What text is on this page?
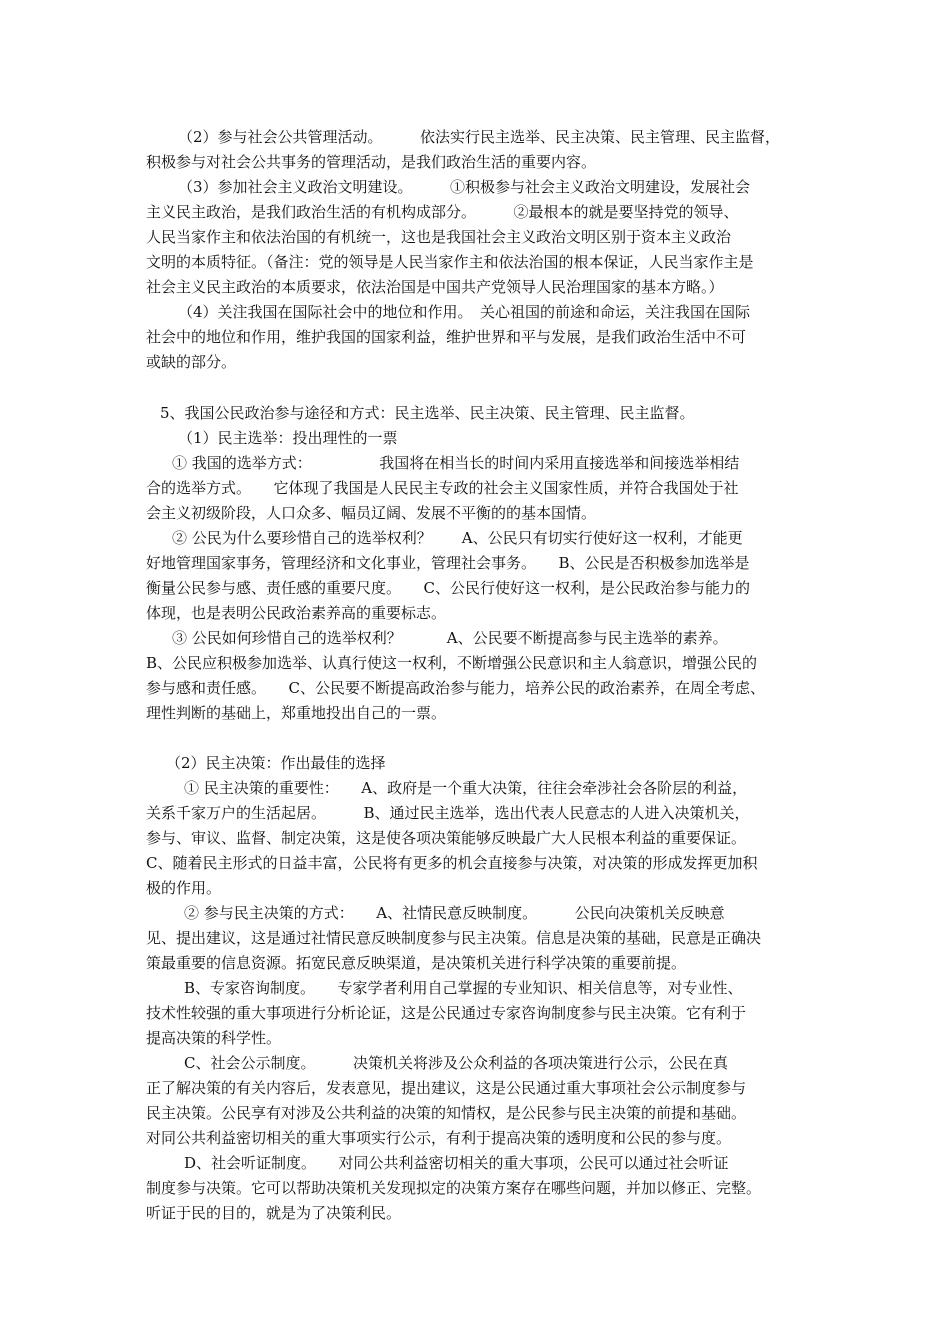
（2）参与社会公共管理活动。　　　依法实行民主选举、民主决策、民主管理、民主监督，
积极参与对社会公共事务的管理活动，是我们政治生活的重要内容。
（3）参加社会主义政治文明建设。　　　①积极参与社会主义政治文明建设，发展社会
主义民主政治，是我们政治生活的有机构成部分。　　　②最根本的就是要坚持党的领导、
人民当家作主和依法治国的有机统一，这也是我国社会主义政治文明区别于资本主义政治
文明的本质特征。（备注：党的领导是人民当家作主和依法治国的根本保证，人民当家作主是
社会主义民主政治的本质要求，依法治国是中国共产党领导人民治理国家的基本方略。）
（4）关注我国在国际社会中的地位和作用。　关心祖国的前途和命运，关注我国在国际
社会中的地位和作用，维护我国的国家利益，维护世界和平与发展，是我们政治生活中不可
或缺的部分。
5、我国公民政治参与途径和方式：民主选举、民主决策、民主管理、民主监督。
（1）民主选举：投出理性的一票
① 我国的选举方式：　　　　　我国将在相当长的时间内采用直接选举和间接选举相结
合的选举方式。　　它体现了我国是人民民主专政的社会主义国家性质，并符合我国处于社
会主义初级阶段，人口众多、幅员辽阔、发展不平衡的的基本国情。
② 公民为什么要珍惜自己的选举权利？　　A、公民只有切实行使好这一权利，才能更
好地管理国家事务，管理经济和文化事业，管理社会事务。　　B、公民是否积极参加选举是
衡量公民参与感、责任感的重要尺度。　　C、公民行使好这一权利，是公民政治参与能力的
体现，也是表明公民政治素养高的重要标志。
③ 公民如何珍惜自己的选举权利？　　　A、公民要不断提高参与民主选举的素养。
B、公民应积极参加选举、认真行使这一权利，不断增强公民意识和主人翁意识，增强公民的
参与感和责任感。　　C、公民要不断提高政治参与能力，培养公民的政治素养，在周全考虑、
理性判断的基础上，郑重地投出自己的一票。
（2）民主决策：作出最佳的选择
① 民主决策的重要性：　　A、政府是一个重大决策，往往会牵涉社会各阶层的利益，
关系千家万户的生活起居。　　　B、通过民主选举，选出代表人民意志的人进入决策机关，
参与、审议、监督、制定决策，这是使各项决策能够反映最广大人民根本利益的重要保证。
C、随着民主形式的日益丰富，公民将有更多的机会直接参与决策，对决策的形成发挥更加积
极的作用。
② 参与民主决策的方式：　　A、社情民意反映制度。　　　公民向决策机关反映意
见、提出建议，这是通过社情民意反映制度参与民主决策。信息是决策的基础，民意是正确决
策最重要的信息资源。拓宽民意反映渠道，是决策机关进行科学决策的重要前提。
B、专家咨询制度。　　专家学者利用自己掌握的专业知识、相关信息等，对专业性、
技术性较强的重大事项进行分析论证，这是公民通过专家咨询制度参与民主决策。它有利于
提高决策的科学性。
C、社会公示制度。　　　决策机关将涉及公众利益的各项决策进行公示，公民在真
正了解决策的有关内容后，发表意见，提出建议，这是公民通过重大事项社会公示制度参与
民主决策。公民享有对涉及公共利益的决策的知情权，是公民参与民主决策的前提和基础。
对同公共利益密切相关的重大事项实行公示，有利于提高决策的透明度和公民的参与度。
D、社会听证制度。　　对同公共利益密切相关的重大事项，公民可以通过社会听证
制度参与决策。它可以帮助决策机关发现拟定的决策方案存在哪些问题，并加以修正、完整。
听证于民的目的，就是为了决策利民。
